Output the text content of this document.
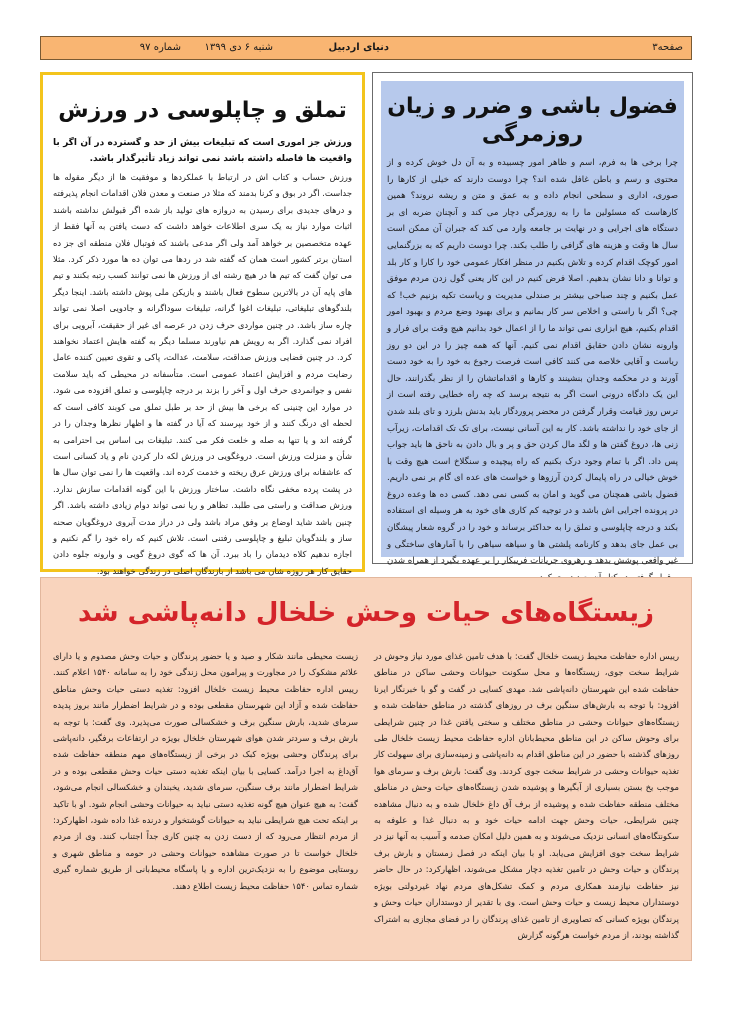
صفحه۳
دنیای اردبیل
شنبه ۶ دی ۱۳۹۹
شماره ۹۷
فضول باشی و ضرر و زیان روزمرگی

چرا برخی ها به فرم، اسم و ظاهر امور چسبیده و به آن دل خوش کرده و از محتوی و رسم و باطن غافل شده اند؟ چرا دوست دارند که خیلی از کارها را صوری، اداری و سطحی انجام داده و به عمق و متن و ریشه نروند؟ همین کارهاست که مسئولین ما را به روزمرگی دچار می کند و آنچنان ضربه ای بر دستگاه های اجرایی و در نهایت بر جامعه وارد می کند که جبران آن ممکن است سال ها وقت و هزینه های گزافی را طلب بکند. چرا دوست داریم که به بزرگنمایی امور کوچک اقدام کرده و تلاش بکنیم در منظر افکار عمومی خود را کارا و کار بلد و توانا و دانا نشان بدهیم. اصلا فرض کنیم در این کار یعنی گول زدن مردم موفق عمل بکنیم و چند صباحی بیشتر بر صندلی مدیریت و ریاست تکیه بزنیم خب! که چی؟ اگر با راستی و اخلاص سر کار بمانیم و برای بهبود وضع مردم و بهبود امور اقدام بکنیم، هیچ ابزاری نمی تواند ما را از اعمال خود بدانیم هیچ وقت برای فرار و وارونه نشان دادن حقایق اقدام نمی کنیم. آنها که همه چیز را در این دو روز ریاست و آقایی خلاصه می کنند کافی است فرصت رجوع به خود را به خود دست آورند و در محکمه وجدان بنشینند و کارها و اقداماتشان را از نظر بگذرانند، حال این یک دادگاه درونی است اگر به نتیجه برسد که چه راه خطایی رفته است از ترس روز قیامت وقرار گرفتن در محضر پروردگار باید بدنش بلرزد و تای بلند شدن از جای خود را نداشته باشد. کار به این آسانی نیست، برای تک تک اقدامات، زیرآب زنی ها، دروغ گفتن ها و لگد مال کردن حق و پر و بال دادن به ناحق ها باید جواب پس داد. اگر با تمام وجود درک بکنیم که راه پیچیده و سنگلاخ است هیچ وقت با خوش خیالی در راه پایمال کردن آرزوها و خواست های عده ای گام بر نمی داریم. فضول باشی همچنان می گوید و امان به کسی نمی دهد. کسی ده ها وعده دروغ در پرونده اجرایی اش باشد و در توجیه کم کاری های خود به هر وسیله ای استفاده بکند و درجه چاپلوسی و تملق را به حداکثر برساند و خود را در گروه شعار پیشگان بی عمل جای بدهد و کارنامه پلشتی ها و سیاهه سیاهی را با آمارهای ساختگی و غیر واقعی پوشش بدهد و رهروی جریانات فریبکار را بر عهده بگیرد از همراه شدن

تملق و چاپلوسی در ورزش

ورزش جز اموری است که تبلیغات بیش از حد و گسترده در آن اگر با واقعیت ها فاصله داشته باشد نمی تواند زیاد تأثیرگذار باشد.

ورزش حساب و کتاب اش در ارتباط با عملکردها و موفقیت ها از دیگر مقوله ها جداست. اگر در بوق و کرنا بدمند که مثلا در صنعت و معدن فلان اقدامات انجام پذیرفته و درهای جدیدی برای رسیدن به دروازه های تولید باز شده اگر قبولش نداشته باشند اثبات موارد نیاز به یک سری اطلاعات خواهد داشت که دست یافتن به آنها فقط از عهده متخصصین بر خواهد آمد ولی اگر مدعی باشند که فوتبال فلان منطقه ای جز ده استان برتر کشور است همان که گفته شد در ردها می توان ده ها مورد ذکر کرد. مثلا می توان گفت که تیم ها در هیچ رشته ای از ورزش ها نمی توانند کسب رتبه بکنند و تیم های پایه آن در بالاترین سطوح فعال باشند و بازیکن ملی پوش داشته باشد. اینجا دیگر بلندگوهای تبلیغاتی، تبلیغات اغوا گرانه، تبلیغات سوداگرانه و جادویی اصلا نمی تواند چاره ساز باشد. در چنین مواردی حرف زدن در عرصه ای غیر از حقیقت، آبرویی برای افراد نمی گذارد. اگر به رویش هم نیاورند مسلما دیگر به گفته هایش اعتماد نخواهند کرد. در چنین فضایی ورزش صداقت، سلامت، عدالت، پاکی و تقوی تعیین کننده عامل رضایت مردم و افزایش اعتماد عمومی است. متأسفانه در محیطی که باید سلامت نفس و جوانمردی حرف اول و آخر را بزند بر درجه چاپلوسی و تملق افزوده می شود. در موارد این چنینی که برخی ها بیش از حد بر طبل تملق می کوبند کافی است که لحظه ای درنگ کنند و از خود بپرسند که آیا در گفته ها و اظهار نظرها وجدان را در گرفته اند و یا تنها به صله و خلعت فکر می کنند. تبلیغات بی اساس بی احترامی به شأن و منزلت ورزش است. دروغگویی در ورزش لکه دار کردن نام و یاد کسانی است که عاشقانه برای ورزش عرق ریخته و خدمت کرده اند. واقعیت ها را نمی توان سال ها در پشت پرده مخفی نگاه داشت. ساختار ورزش با این گونه اقدامات سازش ندارد. ورزش صداقت و راستی می طلبد. تظاهر و ریا نمی تواند دوام زیادی داشته باشد. اگر چنین باشد شاید اوضاع بر وفق مراد باشد ولی در دراز مدت آبروی دروغگویان صحنه ساز و بلندگویان تبلیغ و چاپلوسی رفتنی است. تلاش کنیم که راه خود را گم نکنیم و اجازه ندهیم کلاه دیدمان را باد ببرد. آن ها که گوی دروغ گویی و وارونه جلوه دادن حقایق کار هر روزه شان می باشد از بازندگان اصلی در زندگی خواهند بود.

زیستگاه‌های حیات وحش خلخال دانه‌پاشی شد

رییس اداره حفاظت محیط زیست خلخال گفت: با هدف تامین غذای مورد نیاز وحوش در شرایط سخت جوی، زیستگاه‌ها و محل سکونت حیوانات وحشی ساکن در مناطق حفاظت شده این شهرستان دانه‌پاشی شد. مهدی کسایی در گفت و گو با خبرنگار ایرنا افزود: با توجه به بارش‌های سنگین برف در روزهای گذشته در مناطق حفاظت شده و زیستگاه‌های حیوانات وحشی در مناطق مختلف و سختی یافتن غذا در چنین شرایطی برای وحوش ساکن در این مناطق محیط‌بانان اداره حفاظت محیط زیست خلخال طی روزهای گذشته با حضور در این مناطق اقدام به دانه‌پاشی و زمینه‌سازی برای سهولت کار تغذیه حیوانات وحشی در شرایط سخت جوی کردند. وی گفت: بارش برف و سرمای هوا موجب یخ بستن بسیاری از آبگیرها و پوشیده شدن زیستگاه‌های حیات وحش در مناطق مختلف منطقه حفاظت شده و پوشیده از برف آق داغ خلخال شده و به دنبال مشاهده چنین شرایطی، حیات وحش جهت ادامه حیات خود و به دنبال غذا و علوفه به سکونتگاه‌های انسانی نزدیک می‌شوند و به همین دلیل امکان صدمه و آسیب به آنها نیز در شرایط سخت جوی افزایش می‌یابد. او با بیان اینکه در فصل زمستان و بارش برف پرندگان و حیات وحش در تامین تغذیه دچار مشکل می‌شوند، اظهارکرد: در حال حاضر نیز حفاظت نیازمند همکاری مردم و کمک تشکل‌های مردم نهاد غیردولتی بویژه دوستداران محیط زیست و حیات وحش است. وی با تقدیر از دوستداران حیات وحش و پرندگان بویژه کسانی که تصاویری از تامین غذای پرندگان را در فضای مجازی به اشتراک گذاشته بودند، از مردم خواست هرگونه گزارش

زیست محیطی مانند شکار و صید و یا حضور پرندگان و حیات وحش مصدوم و یا دارای علائم مشکوک را در مجاورت و پیرامون محل زندگی خود را به سامانه ۱۵۴۰ اعلام کنند. رییس اداره حفاظت محیط زیست خلخال افزود: تغذیه دستی حیات وحش مناطق حفاظت شده و آزاد این شهرستان مقطعی بوده و در شرایط اضطرار مانند بروز پدیده سرمای شدید، بارش سنگین برف و خشکسالی صورت می‌پذیرد. وی گفت: با توجه به بارش برف و سردتر شدن هوای شهرستان خلخال بویژه در ارتفاعات برفگیر، دانه‌پاشی برای پرندگان وحشی بویژه کبک در برخی از زیستگاه‌های مهم منطقه حفاظت شده آق‌داغ به اجرا درآمد. کسایی با بیان اینکه تغذیه دستی حیات وحش مقطعی بوده و در شرایط اضطرار مانند برف سنگین، سرمای شدید، یخبندان و خشکسالی انجام می‌شود، گفت: به هیچ عنوان هیچ گونه تغذیه دستی نباید به حیوانات وحشی انجام شود. او با تاکید بر اینکه تحت هیچ شرایطی نباید به حیوانات گوشتخوار و درنده غذا داده شود، اظهارکرد: از مردم انتظار می‌رود که از دست زدن به چنین کاری جداً اجتناب کنند. وی از مردم خلخال خواست تا در صورت مشاهده حیوانات وحشی در حومه و مناطق شهری و روستایی موضوع را به نزدیک‌ترین اداره و یا پاسگاه محیط‌بانی از طریق شماره گیری شماره تماس ۱۵۴۰ حفاظت محیط زیست اطلاع دهند.
